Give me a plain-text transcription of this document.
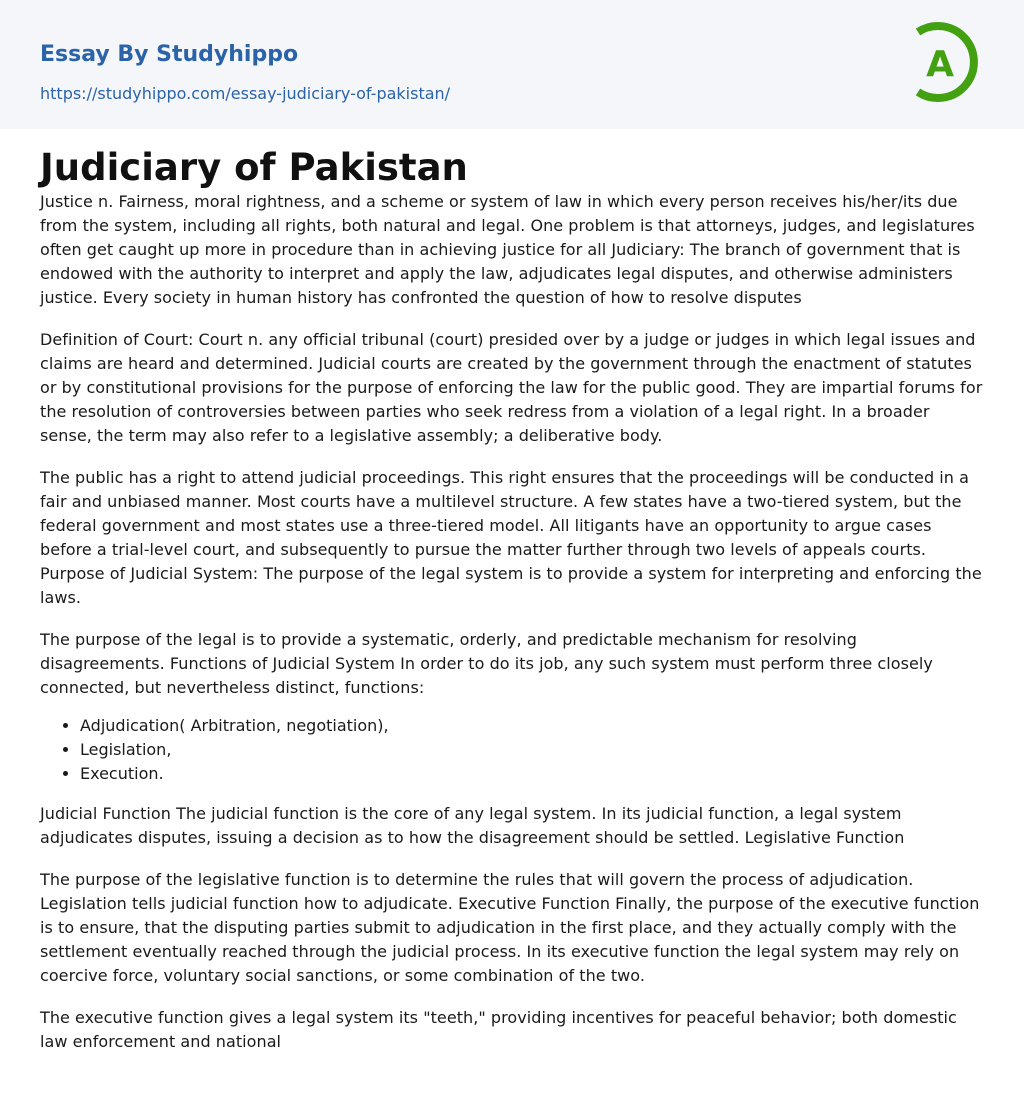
Essay By Studyhippo
https://studyhippo.com/essay-judiciary-of-pakistan/
A
Judiciary of Pakistan

Justice n. Fairness, moral rightness, and a scheme or system of law in which every person receives his/her/its due from the system, including all rights, both natural and legal. One problem is that attorneys, judges, and legislatures often get caught up more in procedure than in achieving justice for all Judiciary: The branch of government that is endowed with the authority to interpret and apply the law, adjudicates legal disputes, and otherwise administers justice. Every society in human history has confronted the question of how to resolve disputes

Definition of Court: Court n. any official tribunal (court) presided over by a judge or judges in which legal issues and claims are heard and determined. Judicial courts are created by the government through the enactment of statutes or by constitutional provisions for the purpose of enforcing the law for the public good. They are impartial forums for the resolution of controversies between parties who seek redress from a violation of a legal right. In a broader sense, the term may also refer to a legislative assembly; a deliberative body.

The public has a right to attend judicial proceedings. This right ensures that the proceedings will be conducted in a fair and unbiased manner. Most courts have a multilevel structure. A few states have a two-tiered system, but the federal government and most states use a three-tiered model. All litigants have an opportunity to argue cases before a trial-level court, and subsequently to pursue the matter further through two levels of appeals courts. Purpose of Judicial System: The purpose of the legal system is to provide a system for interpreting and enforcing the laws.

The purpose of the legal is to provide a systematic, orderly, and predictable mechanism for resolving disagreements. Functions of Judicial System In order to do its job, any such system must perform three closely connected, but nevertheless distinct, functions:

• Adjudication( Arbitration, negotiation),
• Legislation,
• Execution.

Judicial Function The judicial function is the core of any legal system. In its judicial function, a legal system adjudicates disputes, issuing a decision as to how the disagreement should be settled. Legislative Function

The purpose of the legislative function is to determine the rules that will govern the process of adjudication. Legislation tells judicial function how to adjudicate. Executive Function Finally, the purpose of the executive function is to ensure, that the disputing parties submit to adjudication in the first place, and they actually comply with the settlement eventually reached through the judicial process. In its executive function the legal system may rely on coercive force, voluntary social sanctions, or some combination of the two.

The executive function gives a legal system its "teeth," providing incentives for peaceful behavior; both domestic law enforcement and national
